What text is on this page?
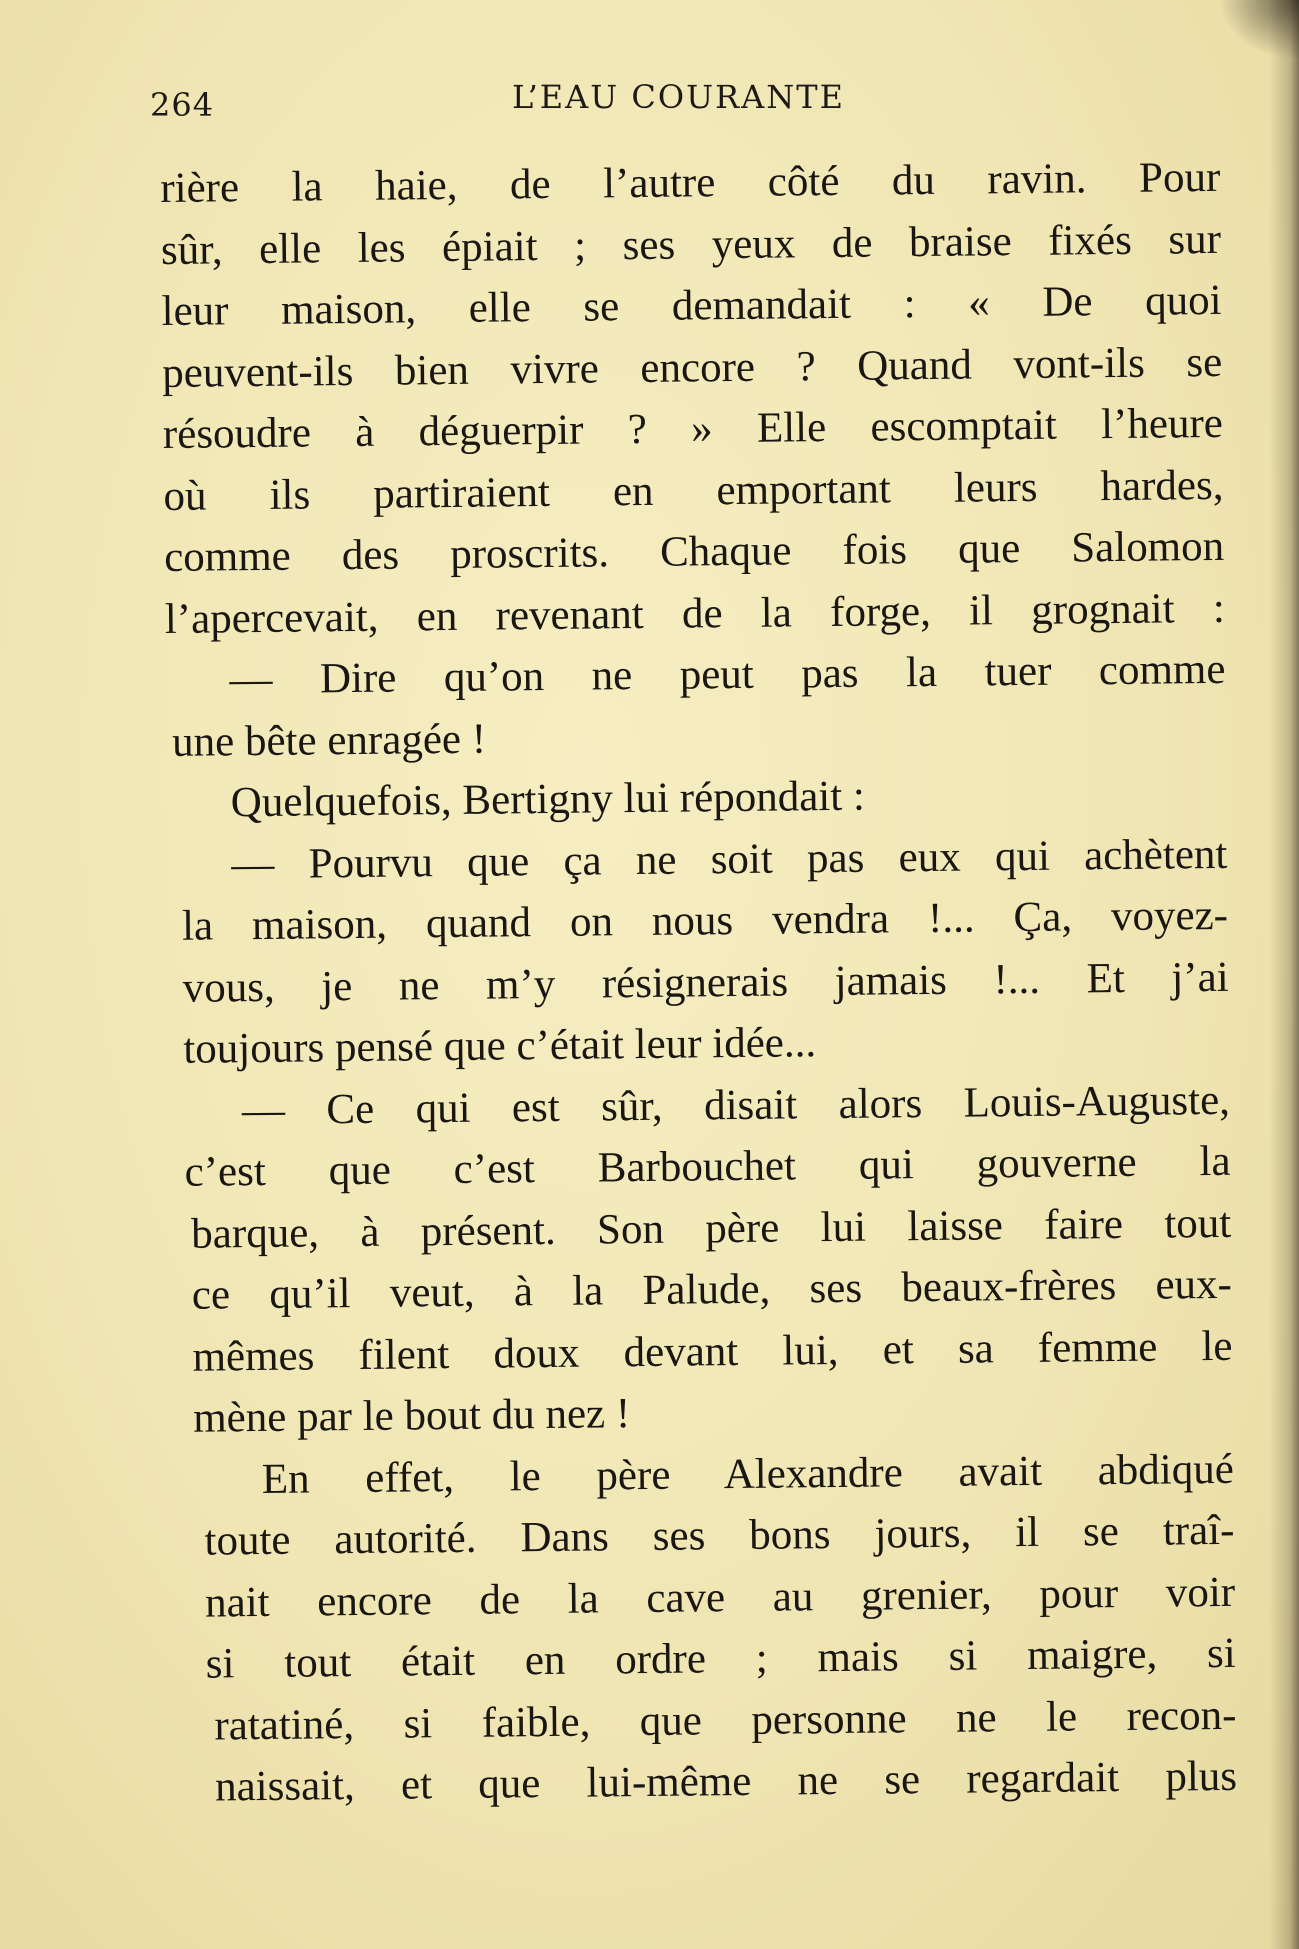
264	L’EAU COURANTE
rière la haie, de l’autre côté du ravin. Pour
sûr, elle les épiait ; ses yeux de braise fixés sur
leur maison, elle se demandait : « De quoi
peuvent-ils bien vivre encore ? Quand vont-ils se
résoudre à déguerpir ? » Elle escomptait l’heure
où ils partiraient en emportant leurs hardes,
comme des proscrits. Chaque fois que Salomon
l’apercevait, en revenant de la forge, il grognait :
— Dire qu’on ne peut pas la tuer comme
une bête enragée !
Quelquefois, Bertigny lui répondait :
— Pourvu que ça ne soit pas eux qui achètent
la maison, quand on nous vendra !... Ça, voyez-
vous, je ne m’y résignerais jamais !... Et j’ai
toujours pensé que c’était leur idée...
— Ce qui est sûr, disait alors Louis-Auguste,
c’est que c’est Barbouchet qui gouverne la
barque, à présent. Son père lui laisse faire tout
ce qu’il veut, à la Palude, ses beaux-frères eux-
mêmes filent doux devant lui, et sa femme le
mène par le bout du nez !
En effet, le père Alexandre avait abdiqué
toute autorité. Dans ses bons jours, il se traî-
nait encore de la cave au grenier, pour voir
si tout était en ordre ; mais si maigre, si
ratatiné, si faible, que personne ne le recon-
naissait, et que lui-même ne se regardait plus
